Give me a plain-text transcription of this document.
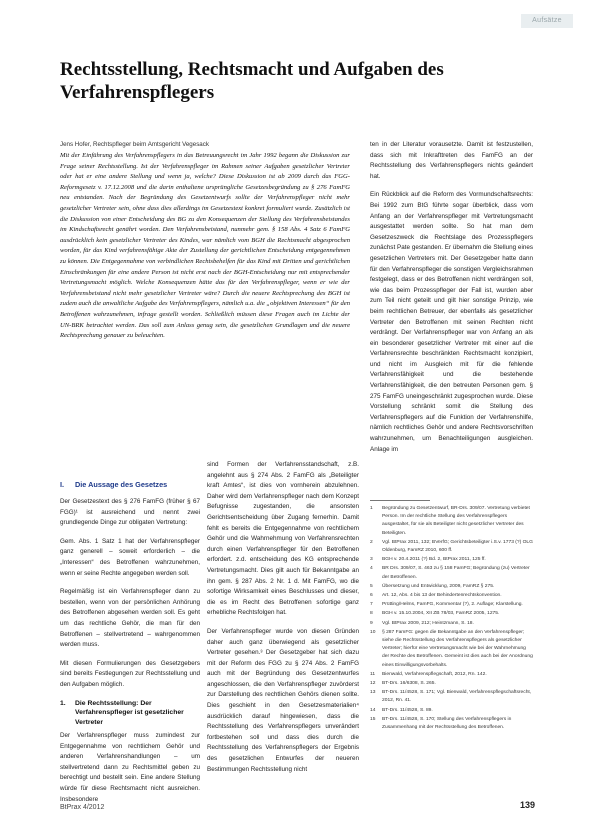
Aufsätze
Rechtsstellung, Rechtsmacht und Aufgaben des Verfahrenspflegers
Jens Hofer, Rechtspfleger beim Amtsgericht Vegesack

Mit der Einführung des Verfahrenspflegers in das Betreuungsrecht im Jahr 1992 begann die Diskussion zur Frage seiner Rechtsstellung. Ist der Verfahrenspfleger im Rahmen seiner Aufgaben gesetzlicher Vertreter oder hat er eine andere Stellung und wenn ja, welche? Diese Diskussion ist ab 2009 durch das FGG-Reformgesetz v. 17.12.2008 und die darin enthaltene ursprüngliche Gesetzesbegründung zu § 276 FamFG neu entstanden. Nach der Begründung des Gesetzentwurfs sollte der Verfahrenspfleger nicht mehr gesetzlicher Vertreter sein, ohne dass dies allerdings im Gesetzestext konkret formuliert wurde. Zusätzlich ist die Diskussion von einer Entscheidung des BG zu den Konsequenzen der Stellung des Verfahrensbeistandes im Kindschaftsrecht genährt worden. Den Verfahrensbeistand, nunmehr gem. § 158 Abs. 4 Satz 6 FamFG ausdrücklich kein gesetzlicher Vertreter des Kindes, war nämlich vom BGH die Rechtsmacht abgesprochen worden, für das Kind verfahrensfähige Akte der Zustellung der gerichtlichen Entscheidung entgegennehmen zu können. Die Entgegennahme von verbindlichen Rechtsbehelfen für das Kind mit Dritten und gerichtlichen Einschränkungen für eine andere Person ist nicht erst nach der BGH-Entscheidung nur mit entsprechender Vertretungsmacht möglich. Welche Konsequenzen hätte das für den Verfahrenspfleger, wenn er wie der Verfahrensbeistand nicht mehr gesetzlicher Vertreter wäre? Durch die neuere Rechtsprechung des BGH ist zudem auch die anwaltliche Aufgabe des Verfahrenspflegers, nämlich u.a. die „objektiven Interessen“ für den Betroffenen wahrzunehmen, infrage gestellt worden. Schließlich müssen diese Fragen auch im Lichte der UN-BRK betrachtet werden. Das soll zum Anlass genug sein, die gesetzlichen Grundlagen und die neuere Rechtsprechung genauer zu beleuchten.

ten in der Literatur vorausetzte. Damit ist festzustellen, dass sich mit Inkrafttreten des FamFG an der Rechtsstellung des Verfahrenspflegers nichts geändert hat.

Ein Rückblick auf die Reform des Vormundschaftsrechts: Bei 1992 zum BtG führte sogar überblick, dass vom Anfang an der Verfahrenspfleger mit Vertretungsmacht ausgestattet werden sollte. So hat man dem Gesetzeszweck die Rechtslage des Prozesspflegers zunächst Pate gestanden. Er übernahm die Stellung eines gesetzlichen Vertreters mit. Der Gesetzgeber hatte dann für den Verfahrenspfleger die sonstigen Vergleichsrahmen festgelegt, dass er des Betroffenen nicht verdrängen soll, wie das beim Prozesspfleger der Fall ist, wurden aber zum Teil nicht geteilt und gilt hier sonstige Prinzip, wie beim rechtlichen Betreuer, der ebenfalls als gesetzlicher Vertreter den Betroffenen mit seinen Rechten nicht verdrängt. Der Verfahrenspfleger war von Anfang an als ein besonderer gesetzlicher Vertreter mit einer auf die Verfahrensrechte beschränkten Rechtsmacht konzipiert, und nicht im Ausgleich mit für die fehlende Verfahrensfähigkeit und die bestehende Verfahrensfähigkeit, die den betreuten Personen gem. § 275 FamFG uneingeschränkt zugesprochen wurde. Diese Vorstellung schränkt somit die Stellung des Verfahrenspflegers auf die Funktion der Verfahrenshilfe, nämlich rechtliches Gehör und andere Rechtsvorschriften wahrzunehmen, um Benachteiligungen ausgleichen. Anlage im

I.	Die Aussage des Gesetzes

Der Gesetzestext des § 276 FamFG (früher § 67 FGG)¹ ist ausreichend und nennt zwei grundlegende Dinge zur obligaten Vertretung:

Gem. Abs. 1 Satz 1 hat der Verfahrenspfleger ganz generell – soweit erforderlich – die „Interessen“ des Betroffenen wahrzunehmen, wenn er seine Rechte angegeben werden soll.

Regelmäßig ist ein Verfahrenspfleger dann zu bestellen, wenn von der persönlichen Anhörung des Betroffenen abgesehen werden soll. Es geht um das rechtliche Gehör, die man für den Betroffenen – stellvertretend – wahrgenommen werden muss.

Mit diesen Formulierungen des Gesetzgebers sind bereits Festlegungen zur Rechtsstellung und den Aufgaben möglich.

1.	Die Rechtsstellung: Der Verfahrenspfleger ist gesetzlicher Vertreter

Der Verfahrenspfleger muss zumindest zur Entgegennahme von rechtlichem Gehör und anderen Verfahrenshandlungen – um stellvertretend dann zu Rechtsmittel geben zu berechtigt und bestellt sein. Eine andere Stellung würde für diese Rechtsmacht nicht ausreichen. Insbesondere

sind Formen der Verfahrensstandschaft, z.B. angelehnt aus § 274 Abs. 2 FamFG als „Beteiligter kraft Amtes“, ist dies von vornherein abzulehnen. Daher wird dem Verfahrenspfleger nach dem Konzept Befugnisse zugestanden, die ansonsten Gerichtsentscheidung über Zugang fernerhin. Damit fehlt es bereits die Entgegennahme von rechtlichem Gehör und die Wahrnehmung von Verfahrensrechten durch einen Verfahrenspfleger für den Betroffenen erfordert. z.d. entscheidung des KG entsprechende Vertretungsmacht. Dies gilt auch für Bekanntgabe an ihn gem. § 287 Abs. 2 Nr. 1 d. Mit FamFG, wo die sofortige Wirksamkeit eines Beschlusses und dieser, die es im Recht des Betroffenen sofortige ganz erhebliche Rechtsfolgen hat.

Der Verfahrenspfleger wurde von diesen Gründen daher auch ganz überwiegend als gesetzlicher Vertreter gesehen.³ Der Gesetzgeber hat sich dazu mit der Reform des FGG zu § 274 Abs. 2 FamFG auch mit der Begründung des Gesetzentwurfes angeschlossen, die den Verfahrenspfleger zuvörderst zur Darstellung des rechtlichen Gehörs dienen sollte. Dies geschieht in den Gesetzesmaterialien⁴ ausdrücklich darauf hingewiesen, dass die Rechtsstellung des Verfahrenspflegers unverändert fortbestehen soll und dass dies durch die Rechtsstellung des Verfahrenspflegers der Ergebnis des gesetzlichen Entwurfes der neueren Bestimmungen Rechtsstellung nicht

1	Begründung zu Gesetzentwurf, BR-Drs. 309/07. Vertretung verbietet Person. Im der rechtliche Stellung des Verfahrenspflegers ausgestaltet, für sie als Beteiligter nicht gesetzlicher Vertreter des Beteiligten.
2	Vgl. BtPrax 2011, 132; BVerfG; Gerichtsbeteiligter i.S.v. 1773 (?) OLG Oldenburg, FamRZ 2010, 600 ff.
3	BGH v. 20.4.2011 (?) Bd. 2, BtPrax 2011, 125 ff.
4	BR Drs. 309/07, S. 463 zu § 158 FamFG; Begründung (zu) Vertreter der Betroffenen.
5	Übersetzung und Entwicklung, 2009, FamRZ § 275.
6	Art. 12, Abs. 4 bis 13 der Behindertenrechtskonvention.
7	Prütting/Helms, FamFG, Kommentar (?), 2. Auflage; Klarstellung.
8	BGH v. 15.10.2004, XII ZB 78/03, FamRZ 2005, 1275.
9	Vgl. BtPrax 2009, 212; Heintzmann, S. 18.
10	§ 287 FamFG: gegen die Bekanntgabe an den Verfahrenspfleger; siehe die Rechtsstellung des Verfahrenspflegers als gesetzlicher Vertreter; hierfür eine Vertretungsmacht wie bei der Wahrnehmung der Rechte des Betroffenen. Gemeint ist dies auch bei der Anordnung eines Einwilligungsvorbehalts.
11	Bienwald, Verfahrenspflegschaft, 2012, Rn. 142.
12	BT-Drs. 16/6308, S. 265.
13	BT-Drs. 11/4528, S. 171; Vgl. Bienwald, Verfahrenspflegschaftsrecht, 2012, Rn. 41.
14	BT-Drs. 11/4528, S. 89.
15	BT-Drs. 11/4528, S. 170; Stellung des Verfahrenspflegers in Zusammenhang mit der Rechtsstellung des Betroffenen.
BtPrax 4/2012	139
